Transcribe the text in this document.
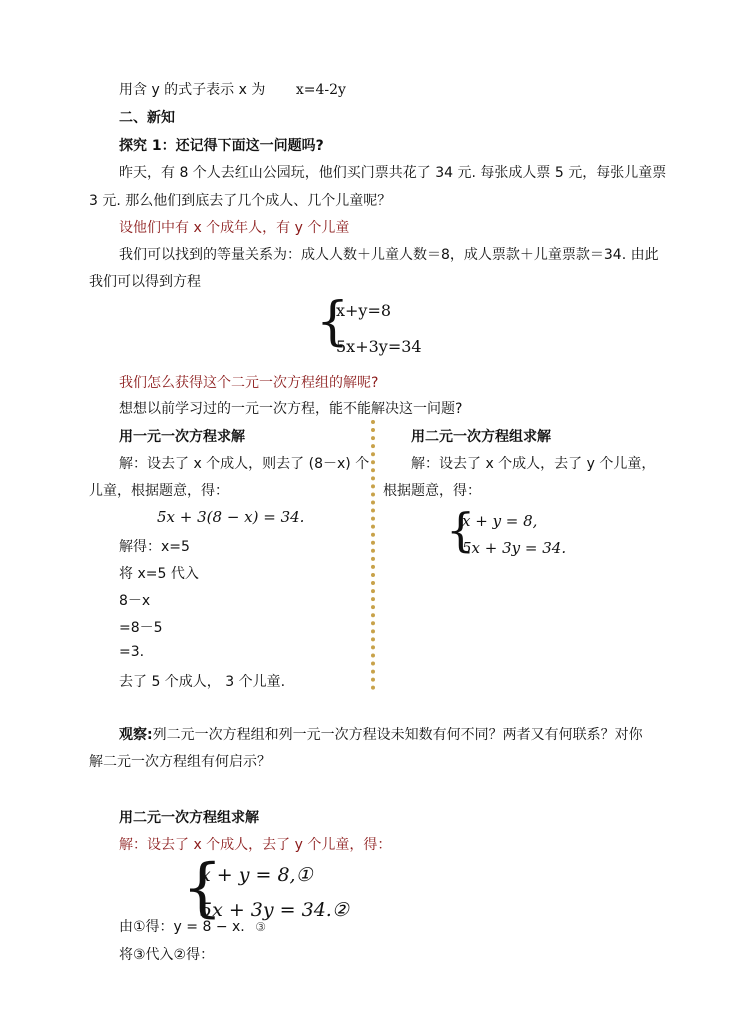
用含 y 的式子表示 x 为 x=4-2y
二、新知
探究 1：还记得下面这一问题吗?
昨天，有 8 个人去红山公园玩，他们买门票共花了 34 元. 每张成人票 5 元，每张儿童票
3 元. 那么他们到底去了几个成人、几个儿童呢？
设他们中有 x 个成年人，有 y 个儿童
我们可以找到的等量关系为：成人人数＋儿童人数＝8，成人票款＋儿童票款＝34. 由此
我们可以得到方程
{
x+y=8
5x+3y=34
我们怎么获得这个二元一次方程组的解呢?
想想以前学习过的一元一次方程，能不能解决这一问题?
用一元一次方程求解
解：设去了 x 个成人，则去了 (8－x) 个
儿童，根据题意，得：
5x + 3(8 − x) = 34.
解得：x=5
将 x=5 代入
8－x
=8－5
=3.
去了 5 个成人， 3 个儿童.
用二元一次方程组求解
解：设去了 x 个成人，去了 y 个儿童，
根据题意，得：
{
x + y = 8,
5x + 3y = 34.
观察:列二元一次方程组和列一元一次方程设未知数有何不同？两者又有何联系？对你
解二元一次方程组有何启示？
用二元一次方程组求解
解：设去了 x 个成人，去了 y 个儿童，得：
{
x + y = 8,①
5x + 3y = 34.②
由①得：y = 8 − x. ③
将③代入②得：
